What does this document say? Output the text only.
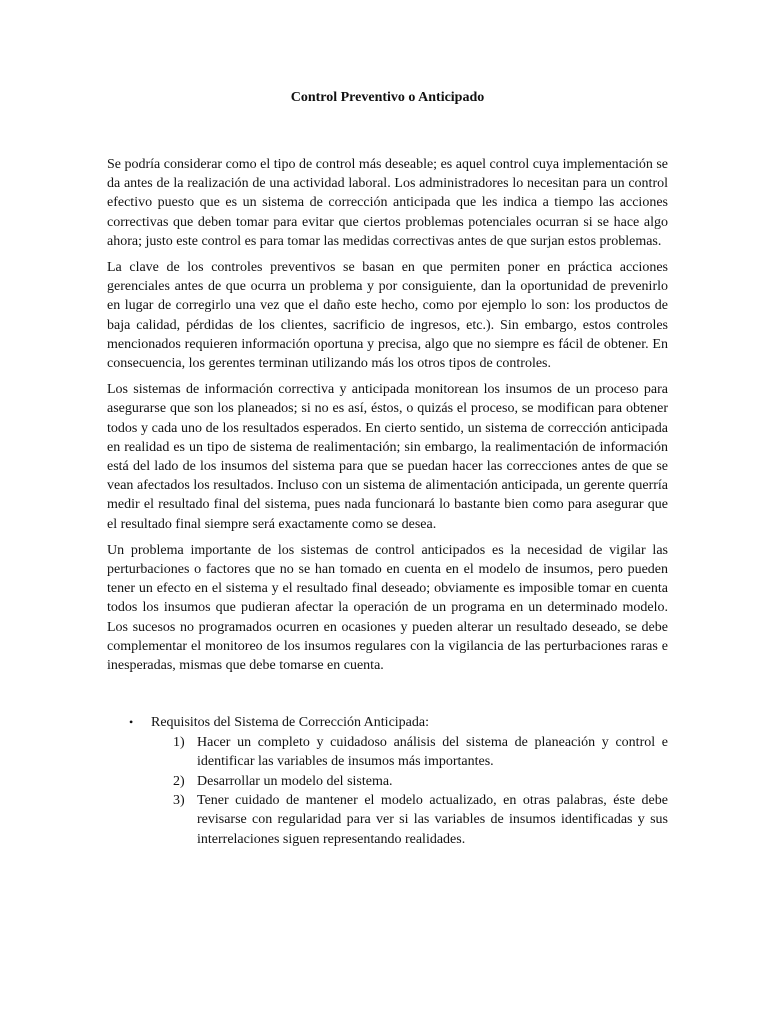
Control Preventivo o Anticipado

Se podría considerar como el tipo de control más deseable; es aquel control cuya implementación se da antes de la realización de una actividad laboral. Los administradores lo necesitan para un control efectivo puesto que es un sistema de corrección anticipada que les indica a tiempo las acciones correctivas que deben tomar para evitar que ciertos problemas potenciales ocurran si se hace algo ahora; justo este control es para tomar las medidas correctivas antes de que surjan estos problemas.

La clave de los controles preventivos se basan en que permiten poner en práctica acciones gerenciales antes de que ocurra un problema y por consiguiente, dan la oportunidad de prevenirlo en lugar de corregirlo una vez que el daño este hecho, como por ejemplo lo son: los productos de baja calidad, pérdidas de los clientes, sacrificio de ingresos, etc.). Sin embargo, estos controles mencionados requieren información oportuna y precisa, algo que no siempre es fácil de obtener. En consecuencia, los gerentes terminan utilizando más los otros tipos de controles.

Los sistemas de información correctiva y anticipada monitorean los insumos de un proceso para asegurarse que son los planeados; si no es así, éstos, o quizás el proceso, se modifican para obtener todos y cada uno de los resultados esperados. En cierto sentido, un sistema de corrección anticipada en realidad es un tipo de sistema de realimentación; sin embargo, la realimentación de información está del lado de los insumos del sistema para que se puedan hacer las correcciones antes de que se vean afectados los resultados. Incluso con un sistema de alimentación anticipada, un gerente querría medir el resultado final del sistema, pues nada funcionará lo bastante bien como para asegurar que el resultado final siempre será exactamente como se desea.

Un problema importante de los sistemas de control anticipados es la necesidad de vigilar las perturbaciones o factores que no se han tomado en cuenta en el modelo de insumos, pero pueden tener un efecto en el sistema y el resultado final deseado; obviamente es imposible tomar en cuenta todos los insumos que pudieran afectar la operación de un programa en un determinado modelo. Los sucesos no programados ocurren en ocasiones y pueden alterar un resultado deseado, se debe complementar el monitoreo de los insumos regulares con la vigilancia de las perturbaciones raras e inesperadas, mismas que debe tomarse en cuenta.

•	Requisitos del Sistema de Corrección Anticipada:
1) Hacer un completo y cuidadoso análisis del sistema de planeación y control e identificar las variables de insumos más importantes.
2) Desarrollar un modelo del sistema.
3) Tener cuidado de mantener el modelo actualizado, en otras palabras, éste debe revisarse con regularidad para ver si las variables de insumos identificadas y sus interrelaciones siguen representando realidades.
